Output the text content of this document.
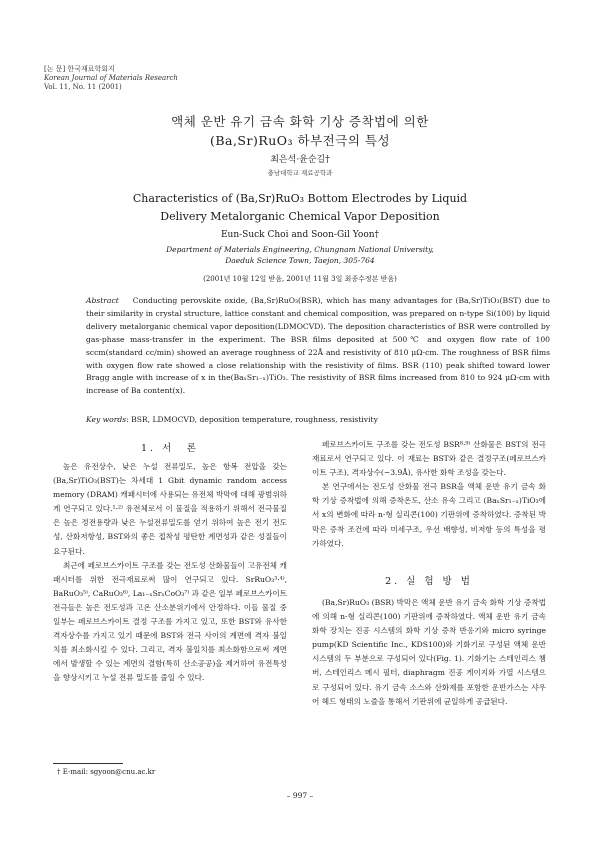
[논 문] 한국재료학회지
Korean Journal of Materials Research
Vol. 11, No. 11 (2001)
액체 운반 유기 금속 화학 기상 증착법에 의한
(Ba,Sr)RuO₃ 하부전극의 특성
최은석·윤순길†
충남대학교 재료공학과
Characteristics of (Ba,Sr)RuO₃ Bottom Electrodes by Liquid
Delivery Metalorganic Chemical Vapor Deposition
Eun-Suck Choi and Soon-Gil Yoon†
Department of Materials Engineering, Chungnam National University,
Daeduk Science Town, Taejon, 305-764
(2001년 10월 12일 받음, 2001년 11월 3일 최종수정본 받음)
Abstract Conducting perovskite oxide, (Ba,Sr)RuO₃(BSR), which has many advantages for (Ba,Sr)TiO₃(BST) due to their similarity in crystal structure, lattice constant and chemical composition, was prepared on n-type Si(100) by liquid delivery metalorganic chemical vapor deposition(LDMOCVD). The deposition characteristics of BSR were controlled by gas-phase mass-transfer in the experiment. The BSR films deposited at 500℃ and oxygen flow rate of 100 sccm(standard cc/min) showed an average roughness of 22Å and resistivity of 810 μΩ-cm. The roughness of BSR films with oxygen flow rate showed a close relationship with the resistivity of films. BSR (110) peak shifted toward lower Bragg angle with increase of x in the(BaₓSr₁₋ₓ)TiO₃. The resistivity of BSR films increased from 810 to 924 μΩ-cm with increase of Ba content(x).
Key words: BSR, LDMOCVD, deposition temperature, roughness, resistivity
1. 서　론

높은 유전상수, 낮은 누설 전류밀도, 높은 항복 전압을 갖는 (Ba,Sr)TiO₃(BST)는 차세대 1 Gbit dynamic random access memory (DRAM) 캐패시터에 사용되는 유전체 박막에 대해 광범위하게 연구되고 있다.¹·²⁾ 유전체로서 이 물질을 적용하기 위해서 전극물질은 높은 정전용량과 낮은 누설전류밀도를 얻기 위하여 높은 전기 전도성, 산화저항성, BST와의 좋은 접착성 평탄한 계면성과 같은 성질들이 요구된다.

최근에 페로브스카이트 구조를 갖는 전도성 산화물들이 고유전체 캐패시터를 위한 전극재료로써 많이 연구되고 있다. SrRuO₃³·⁴⁾, BaRuO₃⁵⁾, CaRuO₃⁶⁾, La₁₋ₓSrₓCoO₃⁷⁾ 과 같은 일부 페로브스카이트 전극들은 높은 전도성과 고온 산소분위기에서 안정하다. 이들 물질 중 일부는 페로브스카이트 결정 구조를 가지고 있고, 또한 BST와 유사한 격자상수를 가지고 있기 때문에 BST와 전극 사이의 계면에 격자 불일치를 최소화시킬 수 있다. 그리고, 격자 불일치를 최소화함으로써 계면에서 발생할 수 있는 계면의 결함(특히 산소공공)을 제거하여 유전특성을 향상시키고 누설 전류 밀도를 줄일 수 있다.

페로브스카이트 구조를 갖는 전도성 BSR⁸·⁹⁾ 산화물은 BST의 전극 재료로서 연구되고 있다. 이 재료는 BST와 같은 결정구조(페로브스카이트 구조), 격자상수(~3.9Å), 유사한 화학 조성을 갖는다.

본 연구에서는 전도성 산화물 전극 BSR을 액체 운반 유기 금속 화학 기상 증착법에 의해 증착온도, 산소 유속 그리고 (BaₓSr₁₋ₓ)TiO₃에서 x의 변화에 따라 n-형 실리콘(100) 기판위에 증착하였다. 증착된 박막은 증착 조건에 따라 미세구조, 우선 배향성, 비저항 등의 특성을 평가하였다.

2. 실 험 방 법

(Ba,Sr)RuO₃ (BSR) 박막은 액체 운반 유기 금속 화학 기상 증착법에 의해 n-형 실리콘(100) 기판위에 증착하였다. 액체 운반 유기 금속 화학 장치는 진공 시스템의 화학 기상 증착 반응기와 micro syringe pump(KD Scientific Inc., KDS100)와 기화기로 구성된 액체 운반 시스템의 두 부분으로 구성되어 있다(Fig. 1). 기화기는 스테인리스 챔버, 스테인리스 메시 필터, diaphragm 진공 게이지와 가열 시스템으로 구성되어 있다. 유기 금속 소스와 산화제를 포함한 운반가스는 샤우어 헤드 형태의 노즐을 통해서 기판위에 균일하게 공급된다.

† E-mail: sgyoon@cnu.ac.kr
– 997 –
